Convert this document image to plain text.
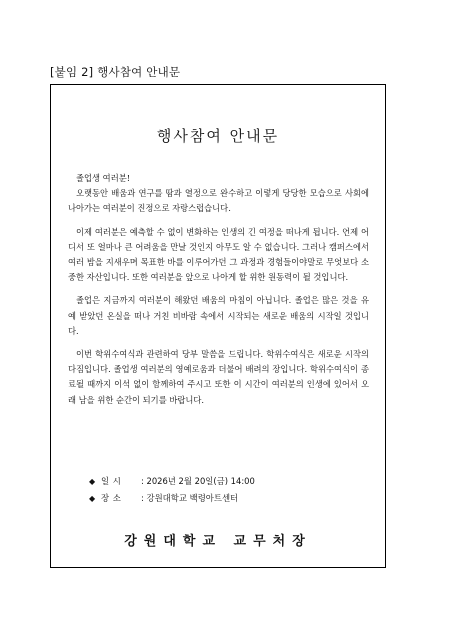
[붙임 2] 행사참여 안내문
행사참여 안내문

졸업생 여러분!

오랫동안 배움과 연구를 땀과 열정으로 완수하고 이렇게 당당한 모습으로 사회에 나아가는 여러분이 진정으로 자랑스럽습니다.

이제 여러분은 예측할 수 없이 변화하는 인생의 긴 여정을 떠나게 됩니다. 언제 어디서 또 얼마나 큰 어려움을 만날 것인지 아무도 알 수 없습니다. 그러나 캠퍼스에서 여러 밤을 지새우며 목표한 바를 이루어가던 그 과정과 경험들이야말로 무엇보다 소중한 자산입니다. 또한 여러분을 앞으로 나아게 할 위한 원동력이 될 것입니다.

졸업은 지금까지 여러분이 해왔던 배움의 마침이 아닙니다. 졸업은 많은 것을 유예 받았던 온실을 떠나 거친 비바람 속에서 시작되는 새로운 배움의 시작일 것입니다.

이번 학위수여식과 관련하여 당부 말씀을 드립니다. 학위수여식은 새로운 시작의 다짐입니다. 졸업생 여러분의 영예로움과 더불어 배려의 장입니다. 학위수여식이 종료될 때까지 이석 없이 함께하여 주시고 또한 이 시간이 여러분의 인생에 있어서 오래 남을 위한 순간이 되기를 바랍니다.

◆ 일 시	: 2026년 2월 20일(금) 14:00
◆ 장 소	: 강원대학교 백령아트센터
강원대학교 교무처장
